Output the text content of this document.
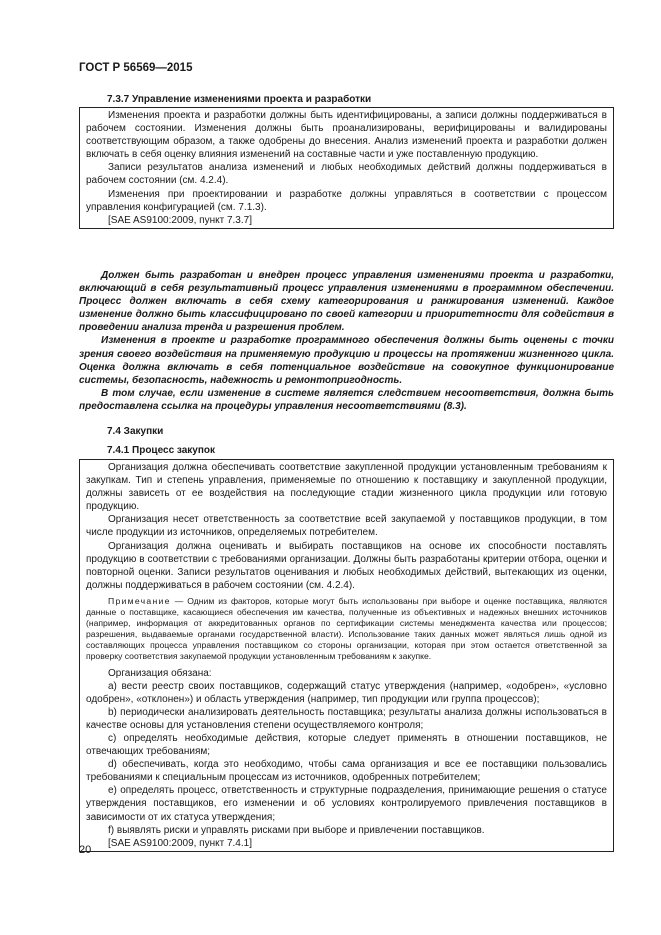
ГОСТ Р 56569—2015
7.3.7 Управление изменениями проекта и разработки

Изменения проекта и разработки должны быть идентифицированы, а записи должны поддерживаться в рабочем состоянии. Изменения должны быть проанализированы, верифицированы и валидированы соответствующим образом, а также одобрены до внесения. Анализ изменений проекта и разработки должен включать в себя оценку влияния изменений на составные части и уже поставленную продукцию.

Записи результатов анализа изменений и любых необходимых действий должны поддерживаться в рабочем состоянии (см. 4.2.4).

Изменения при проектировании и разработке должны управляться в соответствии с процессом управления конфигурацией (см. 7.1.3).

[SAE AS9100:2009, пункт 7.3.7]

Должен быть разработан и внедрен процесс управления изменениями проекта и разработки, включающий в себя результативный процесс управления изменениями в программном обеспечении. Процесс должен включать в себя схему категорирования и ранжирования изменений. Каждое изменение должно быть классифицировано по своей категории и приоритетности для содействия в проведении анализа тренда и разрешения проблем.

Изменения в проекте и разработке программного обеспечения должны быть оценены с точки зрения своего воздействия на применяемую продукцию и процессы на протяжении жизненного цикла. Оценка должна включать в себя потенциальное воздействие на совокупное функционирование системы, безопасность, надежность и ремонтопригодность.

В том случае, если изменение в системе является следствием несоответствия, должна быть предоставлена ссылка на процедуры управления несоответствиями (8.3).

7.4 Закупки
7.4.1 Процесс закупок

Организация должна обеспечивать соответствие закупленной продукции установленным требованиям к закупкам. Тип и степень управления, применяемые по отношению к поставщику и закупленной продукции, должны зависеть от ее воздействия на последующие стадии жизненного цикла продукции или готовую продукцию.

Организация несет ответственность за соответствие всей закупаемой у поставщиков продукции, в том числе продукции из источников, определяемых потребителем.

Организация должна оценивать и выбирать поставщиков на основе их способности поставлять продукцию в соответствии с требованиями организации. Должны быть разработаны критерии отбора, оценки и повторной оценки. Записи результатов оценивания и любых необходимых действий, вытекающих из оценки, должны поддерживаться в рабочем состоянии (см. 4.2.4).

Примечание — Одним из факторов, которые могут быть использованы при выборе и оценке поставщика, являются данные о поставщике, касающиеся обеспечения им качества, полученные из объективных и надежных внешних источников (например, информация от аккредитованных органов по сертификации системы менеджмента качества или процессов; разрешения, выдаваемые органами государственной власти). Использование таких данных может являться лишь одной из составляющих процесса управления поставщиком со стороны организации, которая при этом остается ответственной за проверку соответствия закупаемой продукции установленным требованиям к закупке.

Организация обязана:

a) вести реестр своих поставщиков, содержащий статус утверждения (например, «одобрен», «условно одобрен», «отклонен») и область утверждения (например, тип продукции или группа процессов);

b) периодически анализировать деятельность поставщика; результаты анализа должны использоваться в качестве основы для установления степени осуществляемого контроля;

c) определять необходимые действия, которые следует применять в отношении поставщиков, не отвечающих требованиям;

d) обеспечивать, когда это необходимо, чтобы сама организация и все ее поставщики пользовались требованиями к специальным процессам из источников, одобренных потребителем;

e) определять процесс, ответственность и структурные подразделения, принимающие решения о статусе утверждения поставщиков, его изменении и об условиях контролируемого привлечения поставщиков в зависимости от их статуса утверждения;

f) выявлять риски и управлять рисками при выборе и привлечении поставщиков.

[SAE AS9100:2009, пункт 7.4.1]

20
